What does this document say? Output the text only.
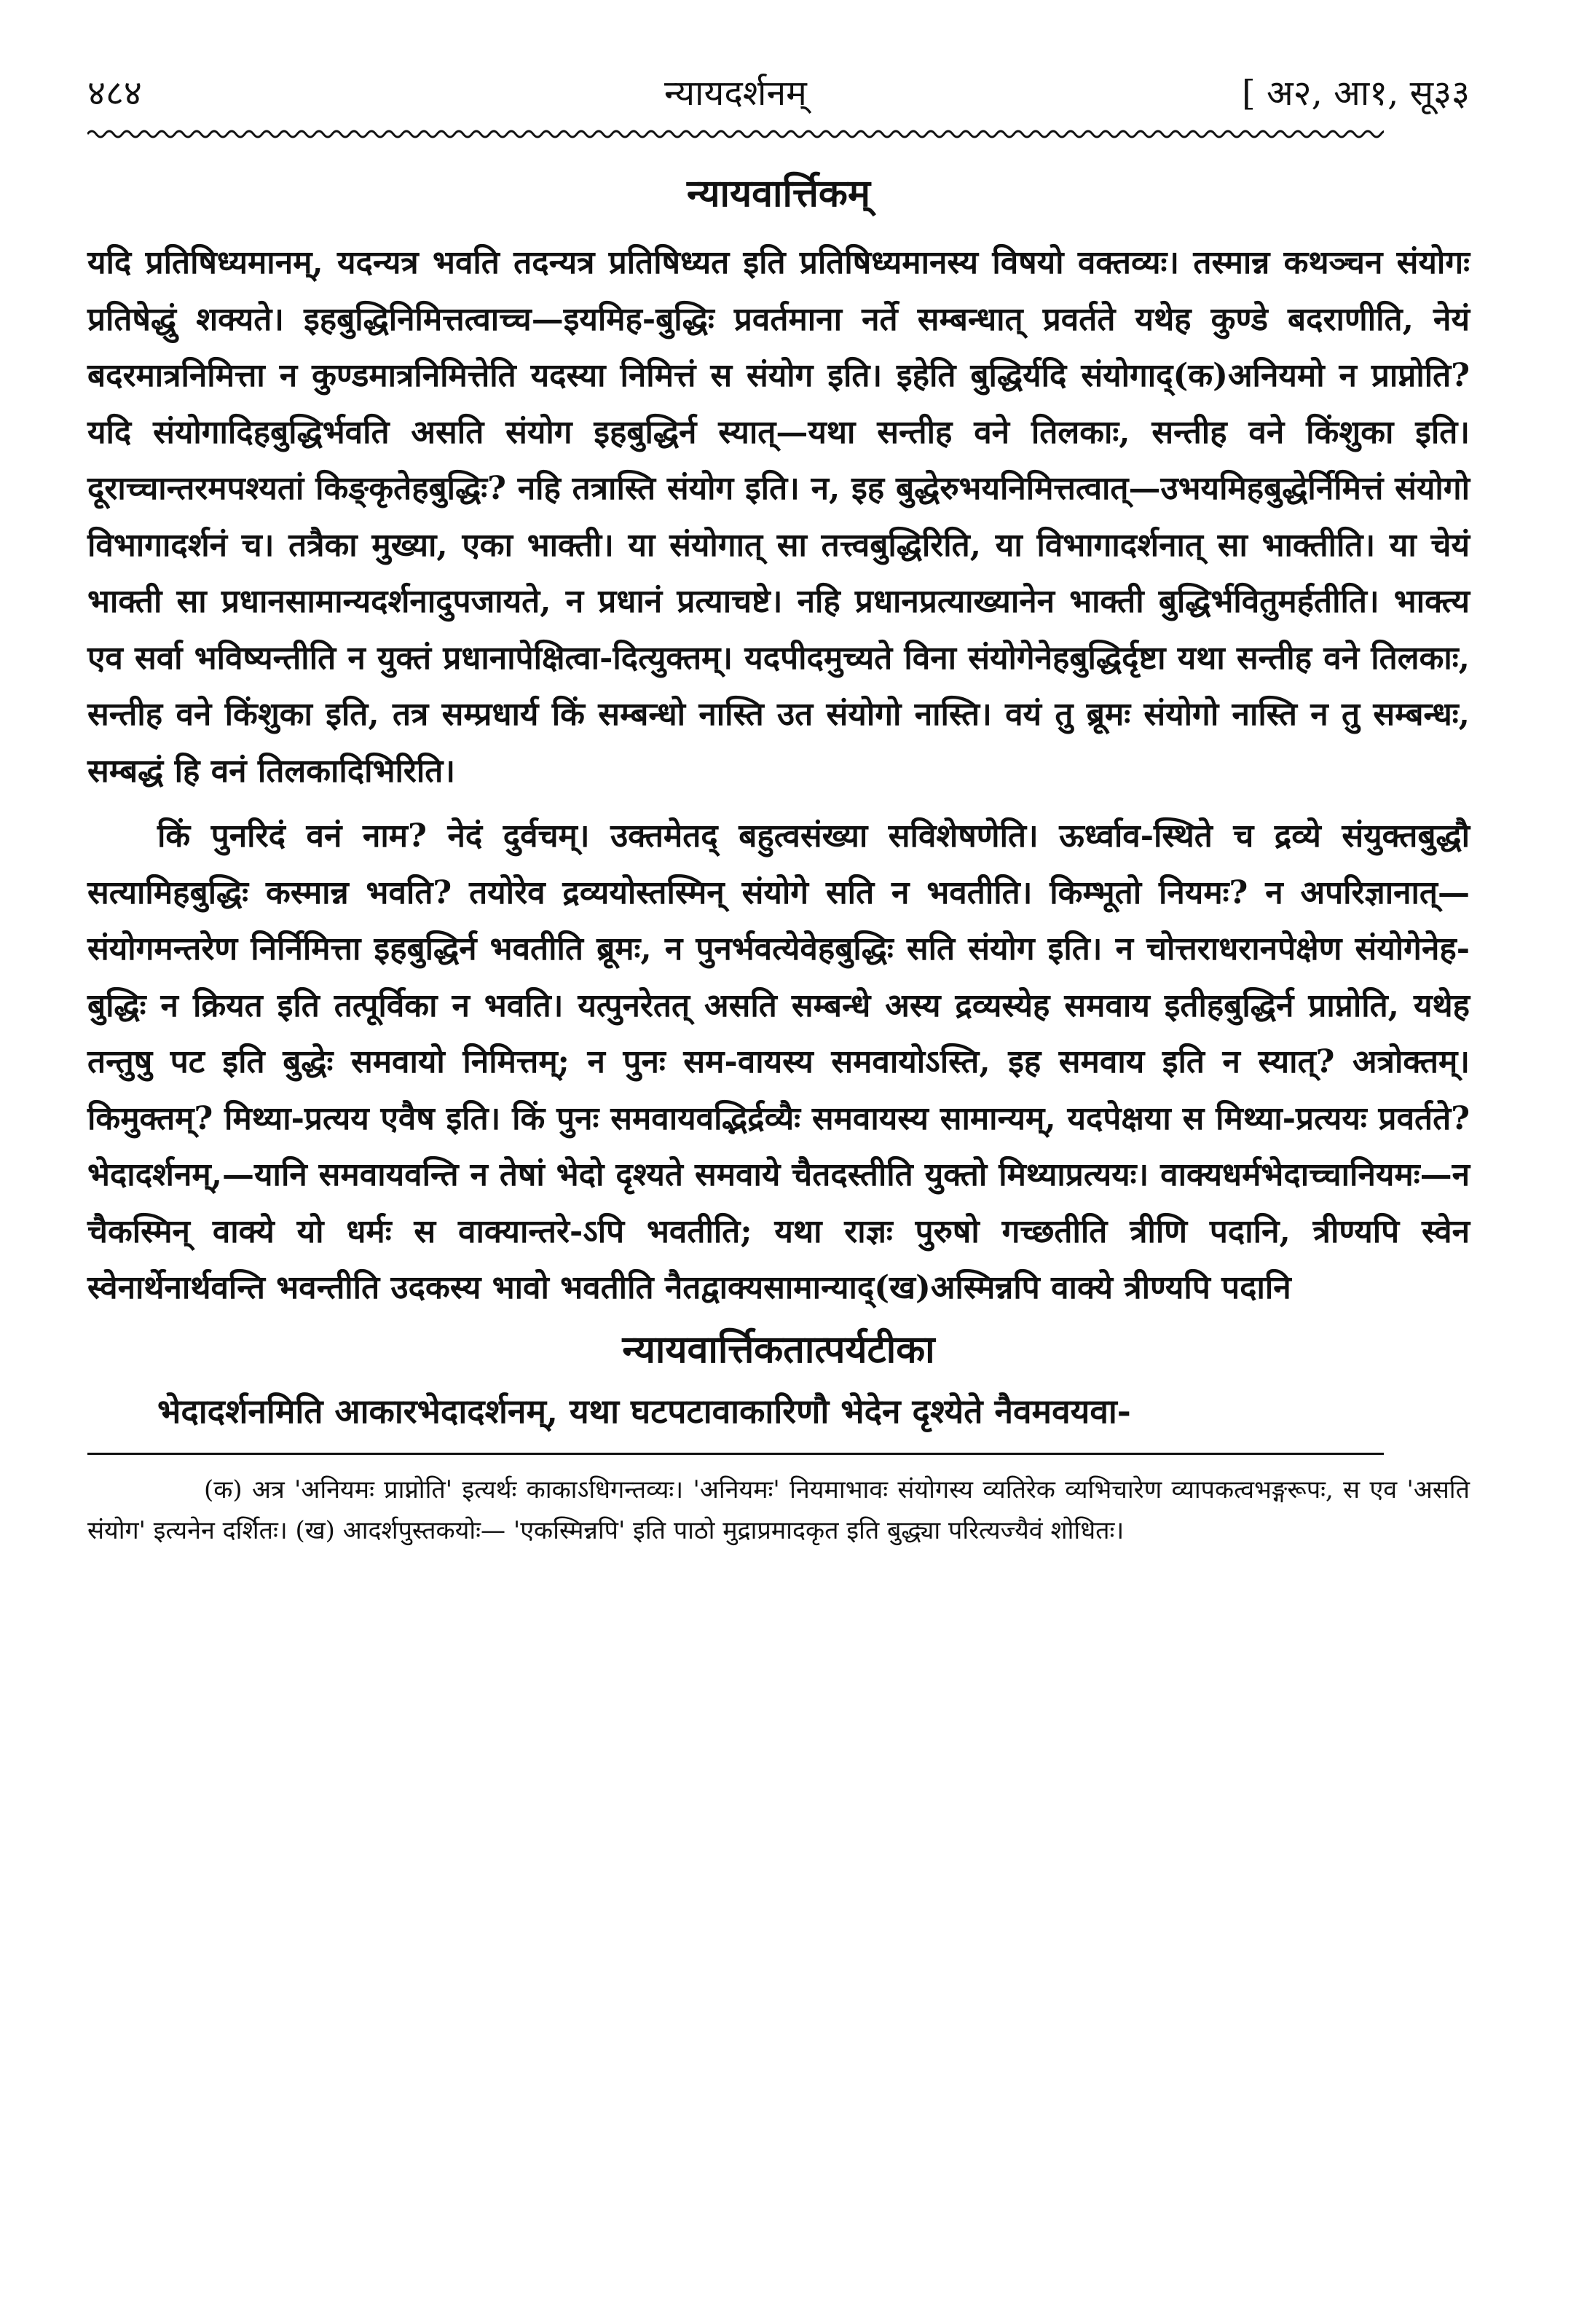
४८४	न्यायदर्शनम्	[ अ२, आ१, सू३३
न्यायवार्त्तिकम्

यदि प्रतिषिध्यमानम्, यदन्यत्र भवति तदन्यत्र प्रतिषिध्यत इति प्रतिषिध्यमानस्य विषयो वक्तव्यः। तस्मान्न कथञ्चन संयोगः प्रतिषेद्धुं शक्यते। इहबुद्धिनिमित्तत्वाच्च—इयमिह-बुद्धिः प्रवर्तमाना नर्ते सम्बन्धात् प्रवर्तते यथेह कुण्डे बदराणीति, नेयं बदरमात्रनिमित्ता न कुण्डमात्रनिमित्तेति यदस्या निमित्तं स संयोग इति। इहेति बुद्धिर्यदि संयोगाद्(क)अनियमो न प्राप्नोति? यदि संयोगादिहबुद्धिर्भवति असति संयोग इहबुद्धिर्न स्यात्—यथा सन्तीह वने तिलकाः, सन्तीह वने किंशुका इति। दूराच्चान्तरमपश्यतां किङ्कृतेहबुद्धिः? नहि तत्रास्ति संयोग इति। न, इह बुद्धेरुभयनिमित्तत्वात्—उभयमिहबुद्धेर्निमित्तं संयोगो विभागादर्शनं च। तत्रैका मुख्या, एका भाक्ती। या संयोगात् सा तत्त्वबुद्धिरिति, या विभागादर्शनात् सा भाक्तीति। या चेयं भाक्ती सा प्रधानसामान्यदर्शनादुपजायते, न प्रधानं प्रत्याचष्टे। नहि प्रधानप्रत्याख्यानेन भाक्ती बुद्धिर्भवितुमर्हतीति। भाक्त्य एव सर्वा भविष्यन्तीति न युक्तं प्रधानापेक्षित्वा-दित्युक्तम्। यदपीदमुच्यते विना संयोगेनेहबुद्धिर्दृष्टा यथा सन्तीह वने तिलकाः, सन्तीह वने किंशुका इति, तत्र सम्प्रधार्य किं सम्बन्धो नास्ति उत संयोगो नास्ति। वयं तु ब्रूमः संयोगो नास्ति न तु सम्बन्धः, सम्बद्धं हि वनं तिलकादिभिरिति।

किं पुनरिदं वनं नाम? नेदं दुर्वचम्। उक्तमेतद् बहुत्वसंख्या सविशेषणेति। ऊर्ध्वाव-स्थिते च द्रव्ये संयुक्तबुद्धौ सत्यामिहबुद्धिः कस्मान्न भवति? तयोरेव द्रव्ययोस्तस्मिन् संयोगे सति न भवतीति। किम्भूतो नियमः? न अपरिज्ञानात्—संयोगमन्तरेण निर्निमित्ता इहबुद्धिर्न भवतीति ब्रूमः, न पुनर्भवत्येवेहबुद्धिः सति संयोग इति। न चोत्तराधरानपेक्षेण संयोगेनेह-बुद्धिः न क्रियत इति तत्पूर्विका न भवति। यत्पुनरेतत् असति सम्बन्धे अस्य द्रव्यस्येह समवाय इतीहबुद्धिर्न प्राप्नोति, यथेह तन्तुषु पट इति बुद्धेः समवायो निमित्तम्; न पुनः सम-वायस्य समवायोऽस्ति, इह समवाय इति न स्यात्? अत्रोक्तम्। किमुक्तम्? मिथ्या-प्रत्यय एवैष इति। किं पुनः समवायवद्भिर्द्रव्यैः समवायस्य सामान्यम्, यदपेक्षया स मिथ्या-प्रत्ययः प्रवर्तते? भेदादर्शनम्,—यानि समवायवन्ति न तेषां भेदो दृश्यते समवाये चैतदस्तीति युक्तो मिथ्याप्रत्ययः। वाक्यधर्मभेदाच्चानियमः—न चैकस्मिन् वाक्ये यो धर्मः स वाक्यान्तरे-ऽपि भवतीति; यथा राज्ञः पुरुषो गच्छतीति त्रीणि पदानि, त्रीण्यपि स्वेन स्वेनार्थेनार्थवन्ति भवन्तीति उदकस्य भावो भवतीति नैतद्वाक्यसामान्याद्(ख)अस्मिन्नपि वाक्ये त्रीण्यपि पदानि

न्यायवार्त्तिकतात्पर्यटीका

भेदादर्शनमिति आकारभेदादर्शनम्, यथा घटपटावाकारिणौ भेदेन दृश्येते नैवमवयवा-

(क) अत्र 'अनियमः प्राप्नोति' इत्यर्थः काकाऽधिगन्तव्यः। 'अनियमः' नियमाभावः संयोगस्य व्यतिरेक व्यभिचारेण व्यापकत्वभङ्गरूपः, स एव 'असति संयोग' इत्यनेन दर्शितः। (ख) आदर्शपुस्तकयोः— 'एकस्मिन्नपि' इति पाठो मुद्राप्रमादकृत इति बुद्ध्या परित्यज्यैवं शोधितः।
